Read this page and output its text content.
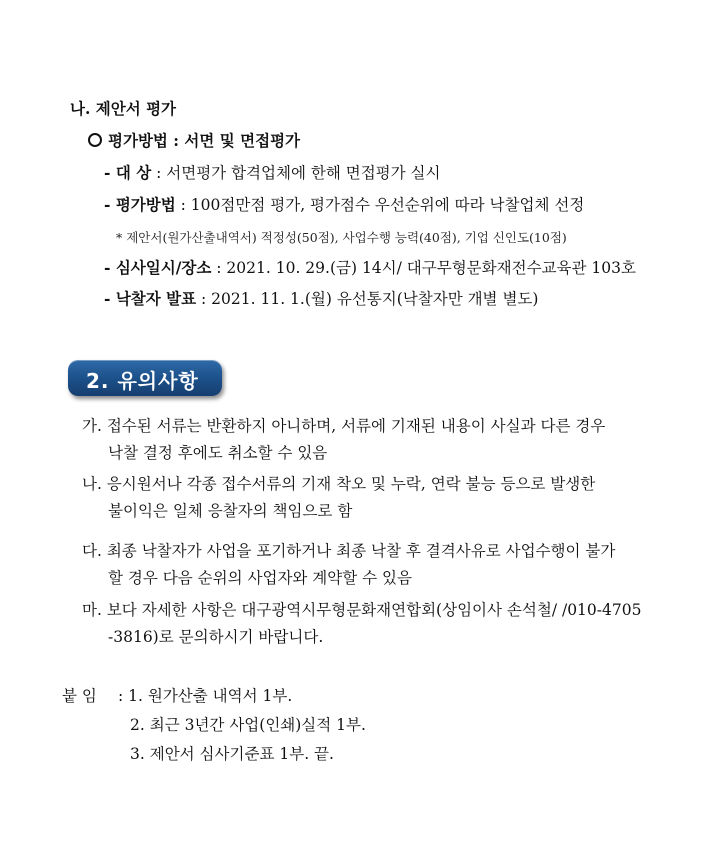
나. 제안서 평가
평가방법 : 서면 및 면접평가
- 대 상 : 서면평가 합격업체에 한해 면접평가 실시
- 평가방법 : 100점만점 평가, 평가점수 우선순위에 따라 낙찰업체 선정
* 제안서(원가산출내역서) 적정성(50점), 사업수행 능력(40점), 기업 신인도(10점)
- 심사일시/장소 : 2021. 10. 29.(금) 14시/ 대구무형문화재전수교육관 103호
- 낙찰자 발표 : 2021. 11. 1.(월) 유선통지(낙찰자만 개별 별도)
2. 유의사항
가. 접수된 서류는 반환하지 아니하며, 서류에 기재된 내용이 사실과 다른 경우
낙찰 결정 후에도 취소할 수 있음
나. 응시원서나 각종 접수서류의 기재 착오 및 누락, 연락 불능 등으로 발생한
불이익은 일체 응찰자의 책임으로 함
다. 최종 낙찰자가 사업을 포기하거나 최종 낙찰 후 결격사유로 사업수행이 불가
할 경우 다음 순위의 사업자와 계약할 수 있음
마. 보다 자세한 사항은 대구광역시무형문화재연합회(상임이사 손석철/ /010-4705
-3816)로 문의하시기 바랍니다.
붙 임 : 1. 원가산출 내역서 1부.
2. 최근 3년간 사업(인쇄)실적 1부.
3. 제안서 심사기준표 1부. 끝.
